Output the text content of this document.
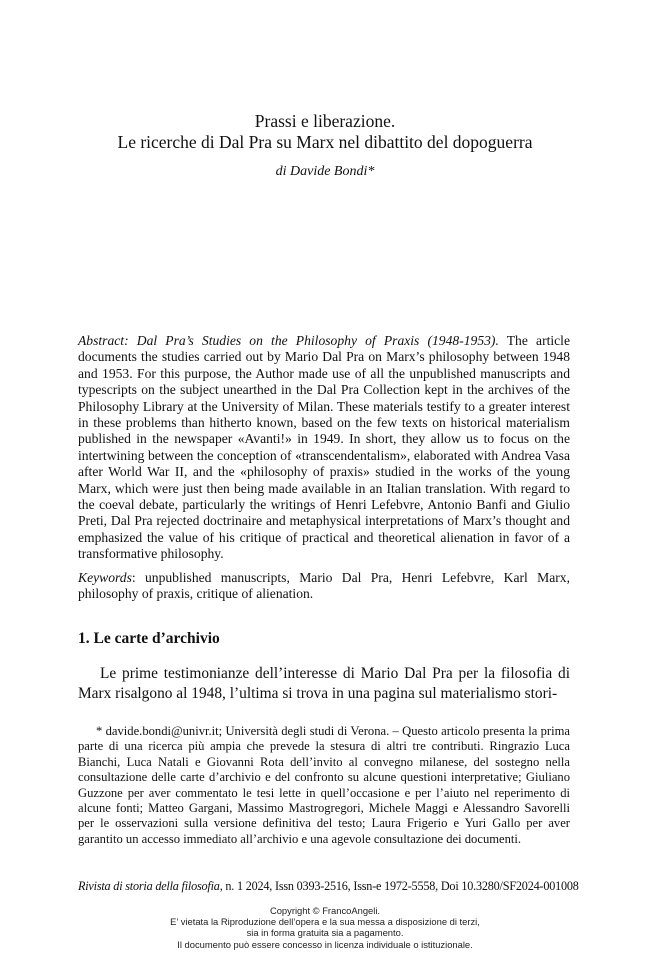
Prassi e liberazione.
Le ricerche di Dal Pra su Marx nel dibattito del dopoguerra
di Davide Bondi*

Abstract: Dal Pra’s Studies on the Philosophy of Praxis (1948-1953). The article documents the studies carried out by Mario Dal Pra on Marx’s philosophy between 1948 and 1953. For this purpose, the Author made use of all the unpublished manuscripts and typescripts on the subject unearthed in the Dal Pra Collection kept in the archives of the Philosophy Library at the University of Milan. These materials testify to a greater interest in these problems than hitherto known, based on the few texts on historical materialism published in the newspaper «Avanti!» in 1949. In short, they allow us to focus on the intertwining between the conception of «transcendentalism», elaborated with Andrea Vasa after World War II, and the «philosophy of praxis» studied in the works of the young Marx, which were just then being made available in an Italian translation. With regard to the coeval debate, particularly the writings of Henri Lefebvre, Antonio Banfi and Giulio Preti, Dal Pra rejected doctrinaire and metaphysical interpretations of Marx’s thought and emphasized the value of his critique of practical and theoretical alienation in favor of a transformative philosophy.

Keywords: unpublished manuscripts, Mario Dal Pra, Henri Lefebvre, Karl Marx, philosophy of praxis, critique of alienation.

1. Le carte d’archivio

Le prime testimonianze dell’interesse di Mario Dal Pra per la filosofia di Marx risalgono al 1948, l’ultima si trova in una pagina sul materialismo stori-

* davide.bondi@univr.it; Università degli studi di Verona. – Questo articolo presenta la prima parte di una ricerca più ampia che prevede la stesura di altri tre contributi. Ringrazio Luca Bianchi, Luca Natali e Giovanni Rota dell’invito al convegno milanese, del sostegno nella consultazione delle carte d’archivio e del confronto su alcune questioni interpretative; Giuliano Guzzone per aver commentato le tesi lette in quell’occasione e per l’aiuto nel reperimento di alcune fonti; Matteo Gargani, Massimo Mastrogregori, Michele Maggi e Alessandro Savorelli per le osservazioni sulla versione definitiva del testo; Laura Frigerio e Yuri Gallo per aver garantito un accesso immediato all’archivio e una agevole consultazione dei documenti.

Rivista di storia della filosofia, n. 1 2024, Issn 0393-2516, Issn-e 1972-5558, Doi 10.3280/SF2024-001008
Copyright © FrancoAngeli.
E’ vietata la Riproduzione dell’opera e la sua messa a disposizione di terzi,
sia in forma gratuita sia a pagamento.
Il documento può essere concesso in licenza individuale o istituzionale.
